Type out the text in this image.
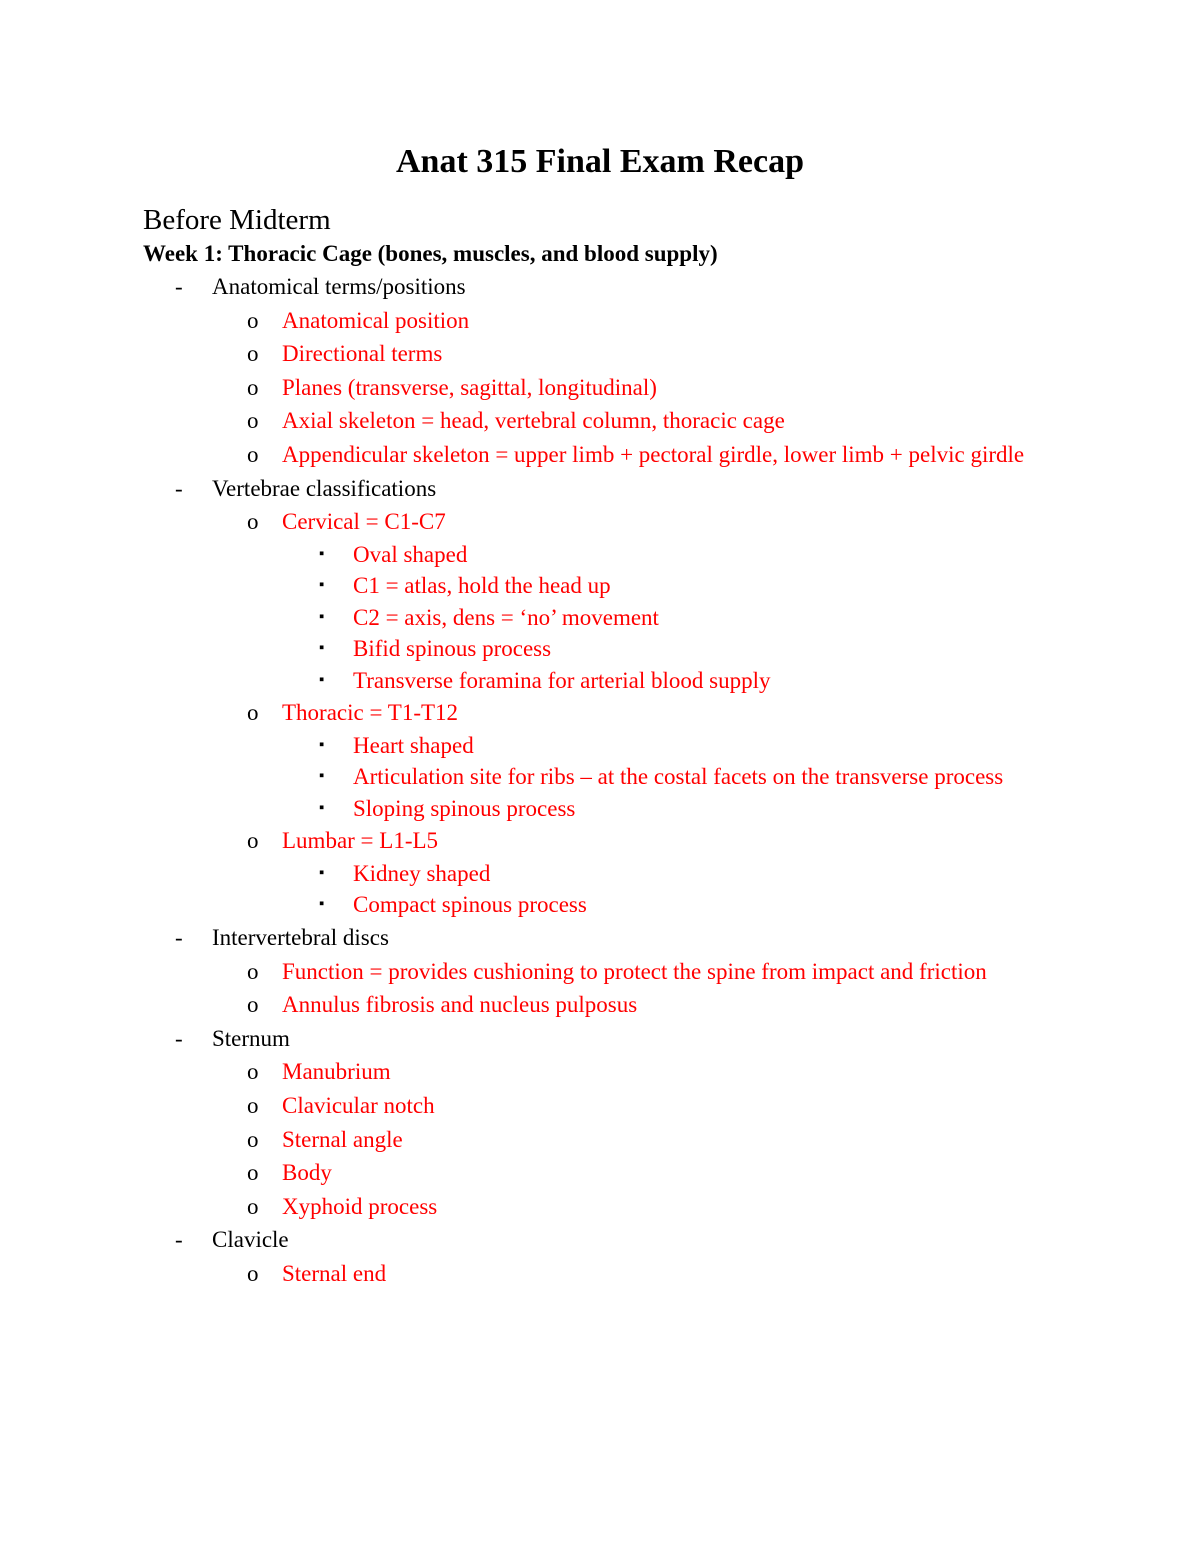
Anat 315 Final Exam Recap
Before Midterm
Week 1: Thoracic Cage (bones, muscles, and blood supply)
- Anatomical terms/positions
o Anatomical position
o Directional terms
o Planes (transverse, sagittal, longitudinal)
o Axial skeleton = head, vertebral column, thoracic cage
o Appendicular skeleton = upper limb + pectoral girdle, lower limb + pelvic girdle
- Vertebrae classifications
o Cervical = C1-C7
▪ Oval shaped
▪ C1 = atlas, hold the head up
▪ C2 = axis, dens = ‘no’ movement
▪ Bifid spinous process
▪ Transverse foramina for arterial blood supply
o Thoracic = T1-T12
▪ Heart shaped
▪ Articulation site for ribs – at the costal facets on the transverse process
▪ Sloping spinous process
o Lumbar = L1-L5
▪ Kidney shaped
▪ Compact spinous process
- Intervertebral discs
o Function = provides cushioning to protect the spine from impact and friction
o Annulus fibrosis and nucleus pulposus
- Sternum
o Manubrium
o Clavicular notch
o Sternal angle
o Body
o Xyphoid process
- Clavicle
o Sternal end
